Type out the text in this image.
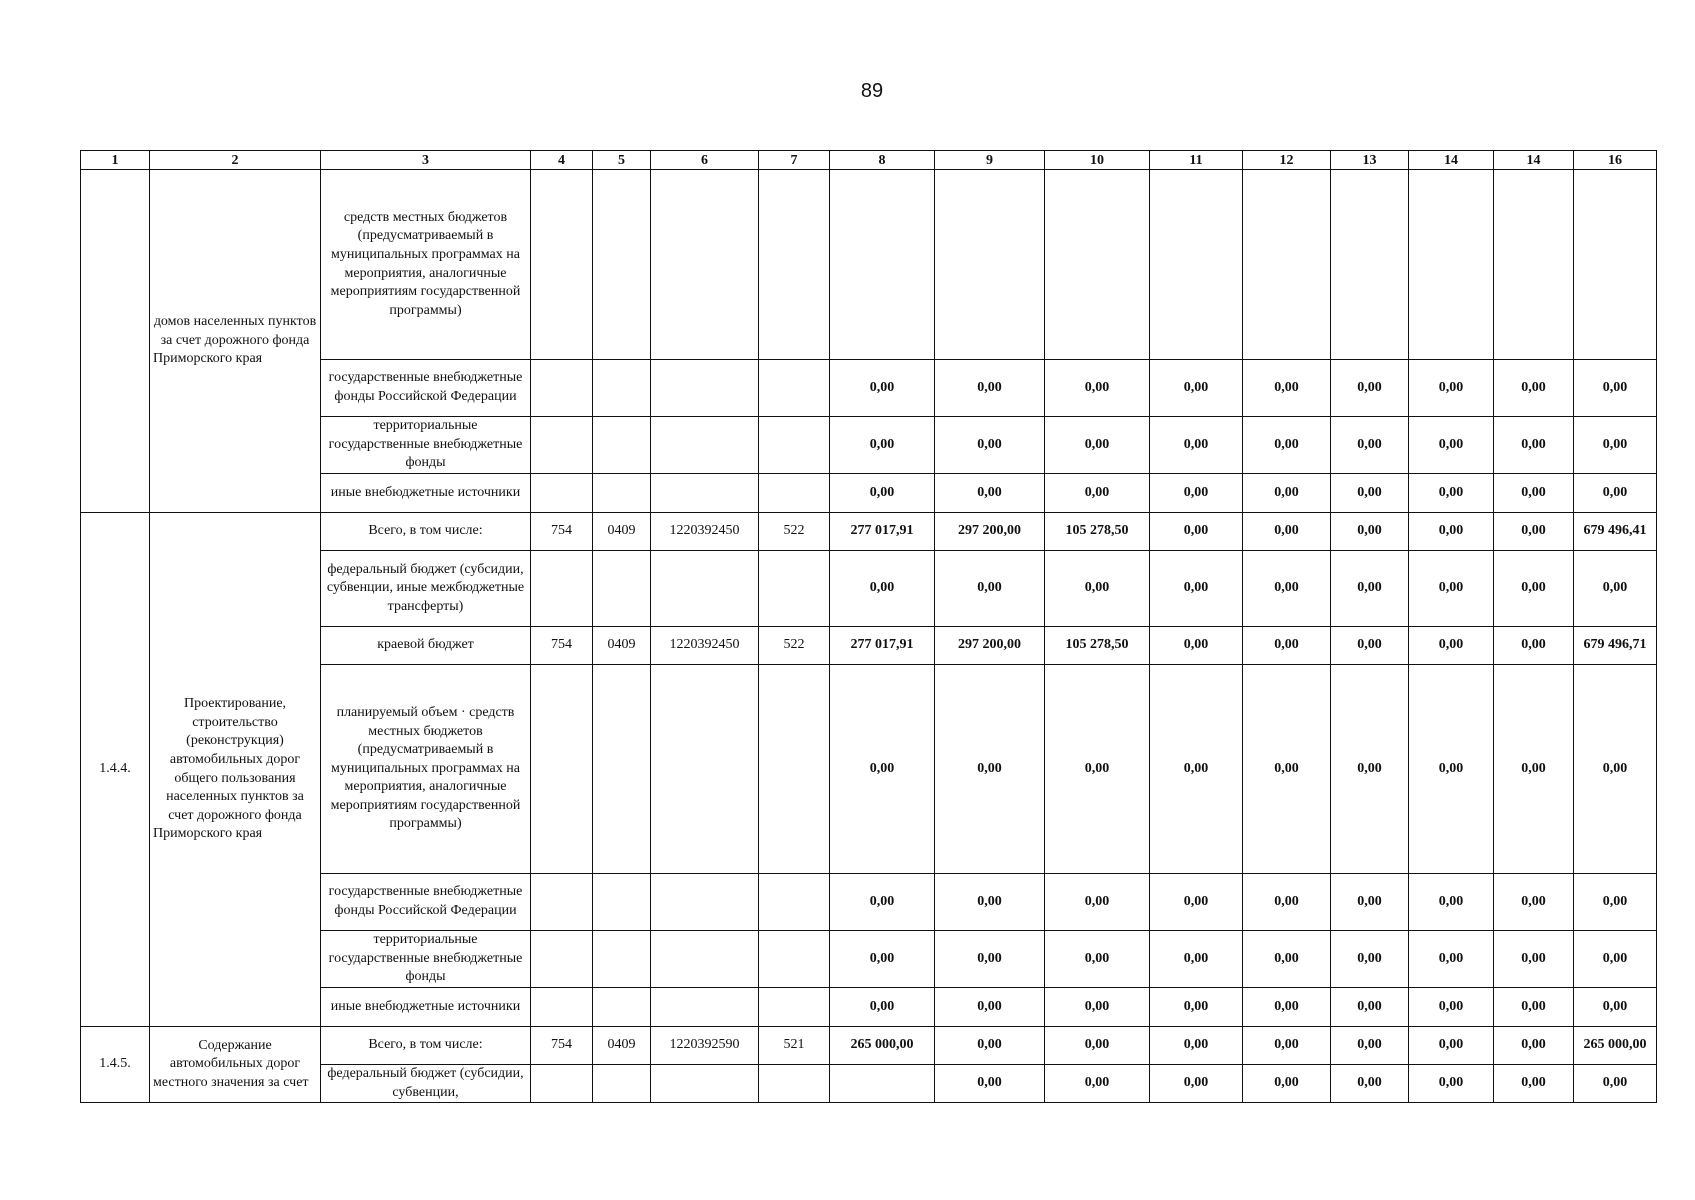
89
1	2	3	4	5	6	7	8	9	10	11	12	13	14	14	16
	домов населенных пунктов за счет дорожного фонда Приморского края	средств местных бюджетов (предусматриваемый в муниципальных программах на мероприятия, аналогичные мероприятиям государственной программы)													
		государственные внебюджетные фонды Российской Федерации					0,00	0,00	0,00	0,00	0,00	0,00	0,00	0,00	0,00
		территориальные государственные внебюджетные фонды					0,00	0,00	0,00	0,00	0,00	0,00	0,00	0,00	0,00
		иные внебюджетные источники					0,00	0,00	0,00	0,00	0,00	0,00	0,00	0,00	0,00
1.4.4.	Проектирование, строительство (реконструкция) автомобильных дорог общего пользования населенных пунктов за счет дорожного фонда Приморского края	Всего, в том числе:	754	0409	1220392450	522	277 017,91	297 200,00	105 278,50	0,00	0,00	0,00	0,00	0,00	679 496,41
		федеральный бюджет (субсидии, субвенции, иные межбюджетные трансферты)					0,00	0,00	0,00	0,00	0,00	0,00	0,00	0,00	0,00
		краевой бюджет	754	0409	1220392450	522	277 017,91	297 200,00	105 278,50	0,00	0,00	0,00	0,00	0,00	679 496,71
		планируемый объем · средств местных бюджетов (предусматриваемый в муниципальных программах на мероприятия, аналогичные мероприятиям государственной программы)					0,00	0,00	0,00	0,00	0,00	0,00	0,00	0,00	0,00
		государственные внебюджетные фонды Российской Федерации					0,00	0,00	0,00	0,00	0,00	0,00	0,00	0,00	0,00
		территориальные государственные внебюджетные фонды					0,00	0,00	0,00	0,00	0,00	0,00	0,00	0,00	0,00
		иные внебюджетные источники					0,00	0,00	0,00	0,00	0,00	0,00	0,00	0,00	0,00
1.4.5.	Содержание автомобильных дорог местного значения за счет	Всего, в том числе:	754	0409	1220392590	521	265 000,00	0,00	0,00	0,00	0,00	0,00	0,00	0,00	265 000,00
		федеральный бюджет (субсидии, субвенции,						0,00	0,00	0,00	0,00	0,00	0,00	0,00	0,00
